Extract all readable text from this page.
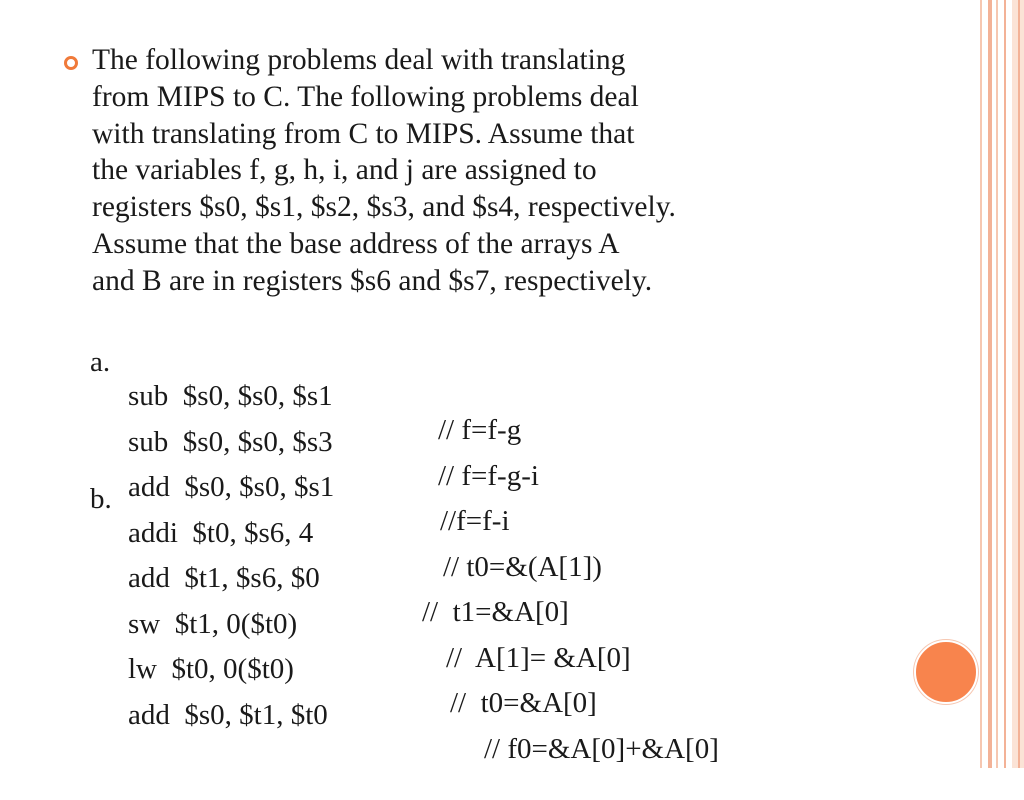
The following problems deal with translating
from MIPS to C. The following problems deal
with translating from C to MIPS. Assume that
the variables f, g, h, i, and j are assigned to
registers $s0, $s1, $s2, $s3, and $s4, respectively.
Assume that the base address of the arrays A
and B are in registers $s6 and $s7, respectively.

a.

sub  $s0, $s0, $s1

// f=f-g

sub  $s0, $s0, $s3

// f=f-g-i

add  $s0, $s0, $s1

//f=f-i

b.

addi  $t0, $s6, 4

// t0=&(A[1])

add  $t1, $s6, $0

//  t1=&A[0]

sw  $t1, 0($t0)

//  A[1]= &A[0]

lw  $t0, 0($t0)

//  t0=&A[0]

add  $s0, $t1, $t0

// f0=&A[0]+&A[0]
